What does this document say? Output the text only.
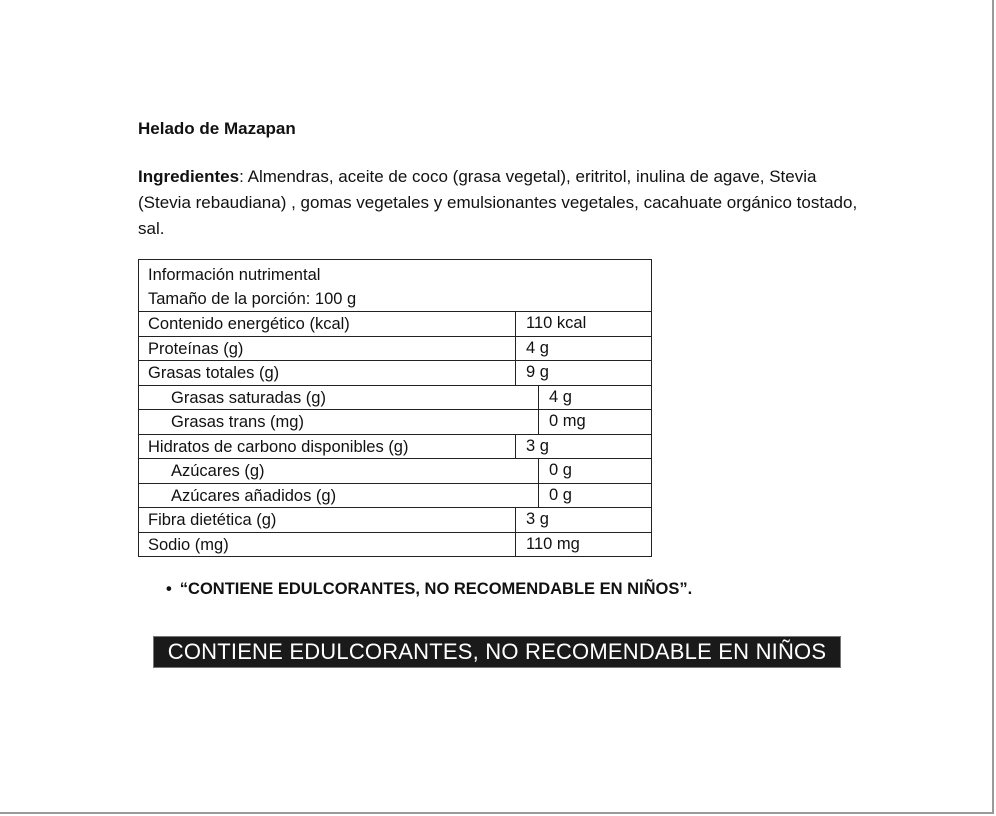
Helado de Mazapan
Ingredientes: Almendras, aceite de coco (grasa vegetal), eritritol, inulina de agave, Stevia (Stevia rebaudiana) , gomas vegetales y emulsionantes vegetales, cacahuate orgánico tostado, sal.
Información nutrimental
Tamaño de la porción: 100 g
Contenido energético (kcal)	110 kcal
Proteínas (g)	4 g
Grasas totales (g)	9 g
Grasas saturadas (g)	4 g
Grasas trans (mg)	0 mg
Hidratos de carbono disponibles (g)	3 g
Azúcares (g)	0 g
Azúcares añadidos (g)	0 g
Fibra dietética (g)	3 g
Sodio (mg)	110 mg
• “CONTIENE EDULCORANTES, NO RECOMENDABLE EN NIÑOS”.
CONTIENE EDULCORANTES, NO RECOMENDABLE EN NIÑOS
